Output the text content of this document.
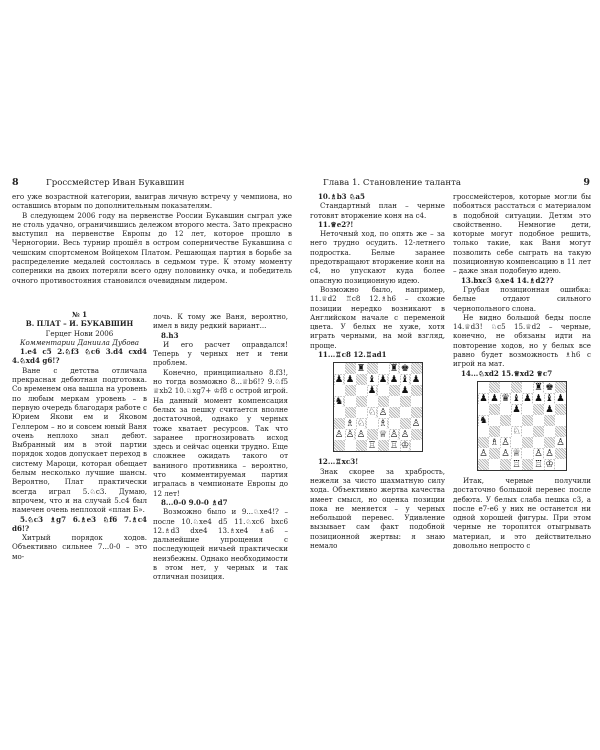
8	Гроссмейстер Иван Букавшин

его уже возрастной категории, выиграв личную встречу у чемпиона, но оставшись вторым по дополнительным показателям.

В следующем 2006 году на первенстве России Букавшин сыграл уже не столь удачно, ограничившись дележом второго места. Зато прекрасно выступил на первенстве Европы до 12 лет, которое прошло в Черногории. Весь турнир прошёл в остром соперничестве Букавшина с чешским спортсменом Войцехом Платом. Решающая партия в борьбе за распределение медалей состоялась в седьмом туре. К этому моменту соперники на двоих потеряли всего одну половинку очка, и победитель очного противостояния становился очевидным лидером.

№ 1
В. ПЛАТ – И. БУКАВШИН
Герцег Нови 2006
Комментарии Даниила Дубова

1.e4 c5 2.♘f3 ♘c6 3.d4 cxd4 4.♘xd4 g6!?

Ване с детства отличала прекрасная дебютная подготовка. Со временем она вышла на уровень по любым меркам уровень – в первую очередь благодаря работе с Юрием Якови ем и Яковом Геллером – но и совсем юный Ваня очень неплохо знал дебют. Выбранный им в этой партии порядок ходов допускает переход в систему Мароци, которая обещает белым несколько лучшие шансы. Вероятно, Плат практически всегда играл 5.♘c3. Думаю, впрочем, что и на случай 5.c4 был намечен очень неплохой «план Б».

5.♘c3 ♗g7 6.♗e3 ♘f6 7.♗c4 d6!?

Хитрый порядок ходов. Объективно сильнее 7...0-0 – это мо-

лочь. К тому же Ваня, вероятно, имел в виду редкий вариант...

8.h3

И его расчет оправдался! Теперь у черных нет и тени проблем.

Конечно, принципиально 8.f3!, но тогда возможно 8...♕b6!? 9.♘f5 ♕xb2 10.♘xg7+ ♔f8 с острой игрой. На данный момент компенсация белых за пешку считается вполне достаточной, однако у черных тоже хватает ресурсов. Так что заранее прогнозировать исход здесь и сейчас оценки трудно. Еще сложнее ожидать такого от ваниного противника – вероятно, что комментируемая партия игралась в чемпионате Европы до 12 лет!

8...0-0 9.0-0 ♗d7

Возможно было и 9...♘xe4!? – после 10.♘xe4 d5 11.♘xc6 bxc6 12.♗d3 dxe4 13.♗xe4 ♗a6 – дальнейшие упрощения с последующей ничьей практически неизбежны. Однако необходимости в этом нет, у черных и так отличная позиция.

Глава 1. Становление таланта	9

10.♗b3 ♘a5

Стандартный план – черные готовят вторжение коня на c4.

11.♕e2?!

Неточный ход, по опять же – за него трудно осудить. 12-летнего подростка. Белые заранее предотвращают вторжение коня на c4, но упускают куда более опасную позиционную идею.

Возможно было, например, 11.♕d2 ♖c8 12.♗h6 – схожие позиции нередко возникают в Английском начале с переменой цвета. У белых не хуже, хотя играть черными, на мой взгляд, проще.

11...♖c8 12.♖ad1

♜	♜ ♚
♟ ♟ ♝ ♟ ♟ ♝ ♟
♟	♟
♞
♘ ♙
♗ ♘ ♗	♙
♙ ♙ ♙ ♕ ♙ ♙
♖ ♖ ♔

12...♖xc3!

Знак скорее за храбрость, нежели за чисто шахматную силу хода. Объективно жертва качества имеет смысл, но оценка позиции пока не меняется – у черных небольшой перевес. Удивление вызывает сам факт подобной позиционной жертвы: я знаю немало

гроссмейстеров, которые могли бы побояться расстаться с материалом в подобной ситуации. Детям это свойственно. Немногие дети, которые могут подобное решить, только такие, как Ваня могут позволить себе сыграть на такую позиционную компенсацию в 11 лет – даже зная подобную идею.

13.bxc3 ♘xe4 14.♗d2??

Грубая позиционная ошибка: белые отдают сильного чернопольного слона.

Не видно большой беды после 14.♕d3! ♘c5 15.♕d2 – черные, конечно, не обязаны идти на повторение ходов, но у белых все равно будет возможность ♗h6 с игрой на мат.

14...♘xd2 15.♕xd2 ♕c7

♜ ♚
♟ ♟ ♛ ♝ ♟ ♟ ♝ ♟
♟	♟
♞
♘
♗ ♙	♙
♙ ♙ ♕ ♙ ♙
♖ ♖ ♔

Итак, черные получили достаточно большой перевес после дебюта. У белых слаба пешка c3, а после e7-e6 у них не останется ни одной хорошей фигуры. При этом черные не торопятся отыгрывать материал, и это действительно довольно непросто с
